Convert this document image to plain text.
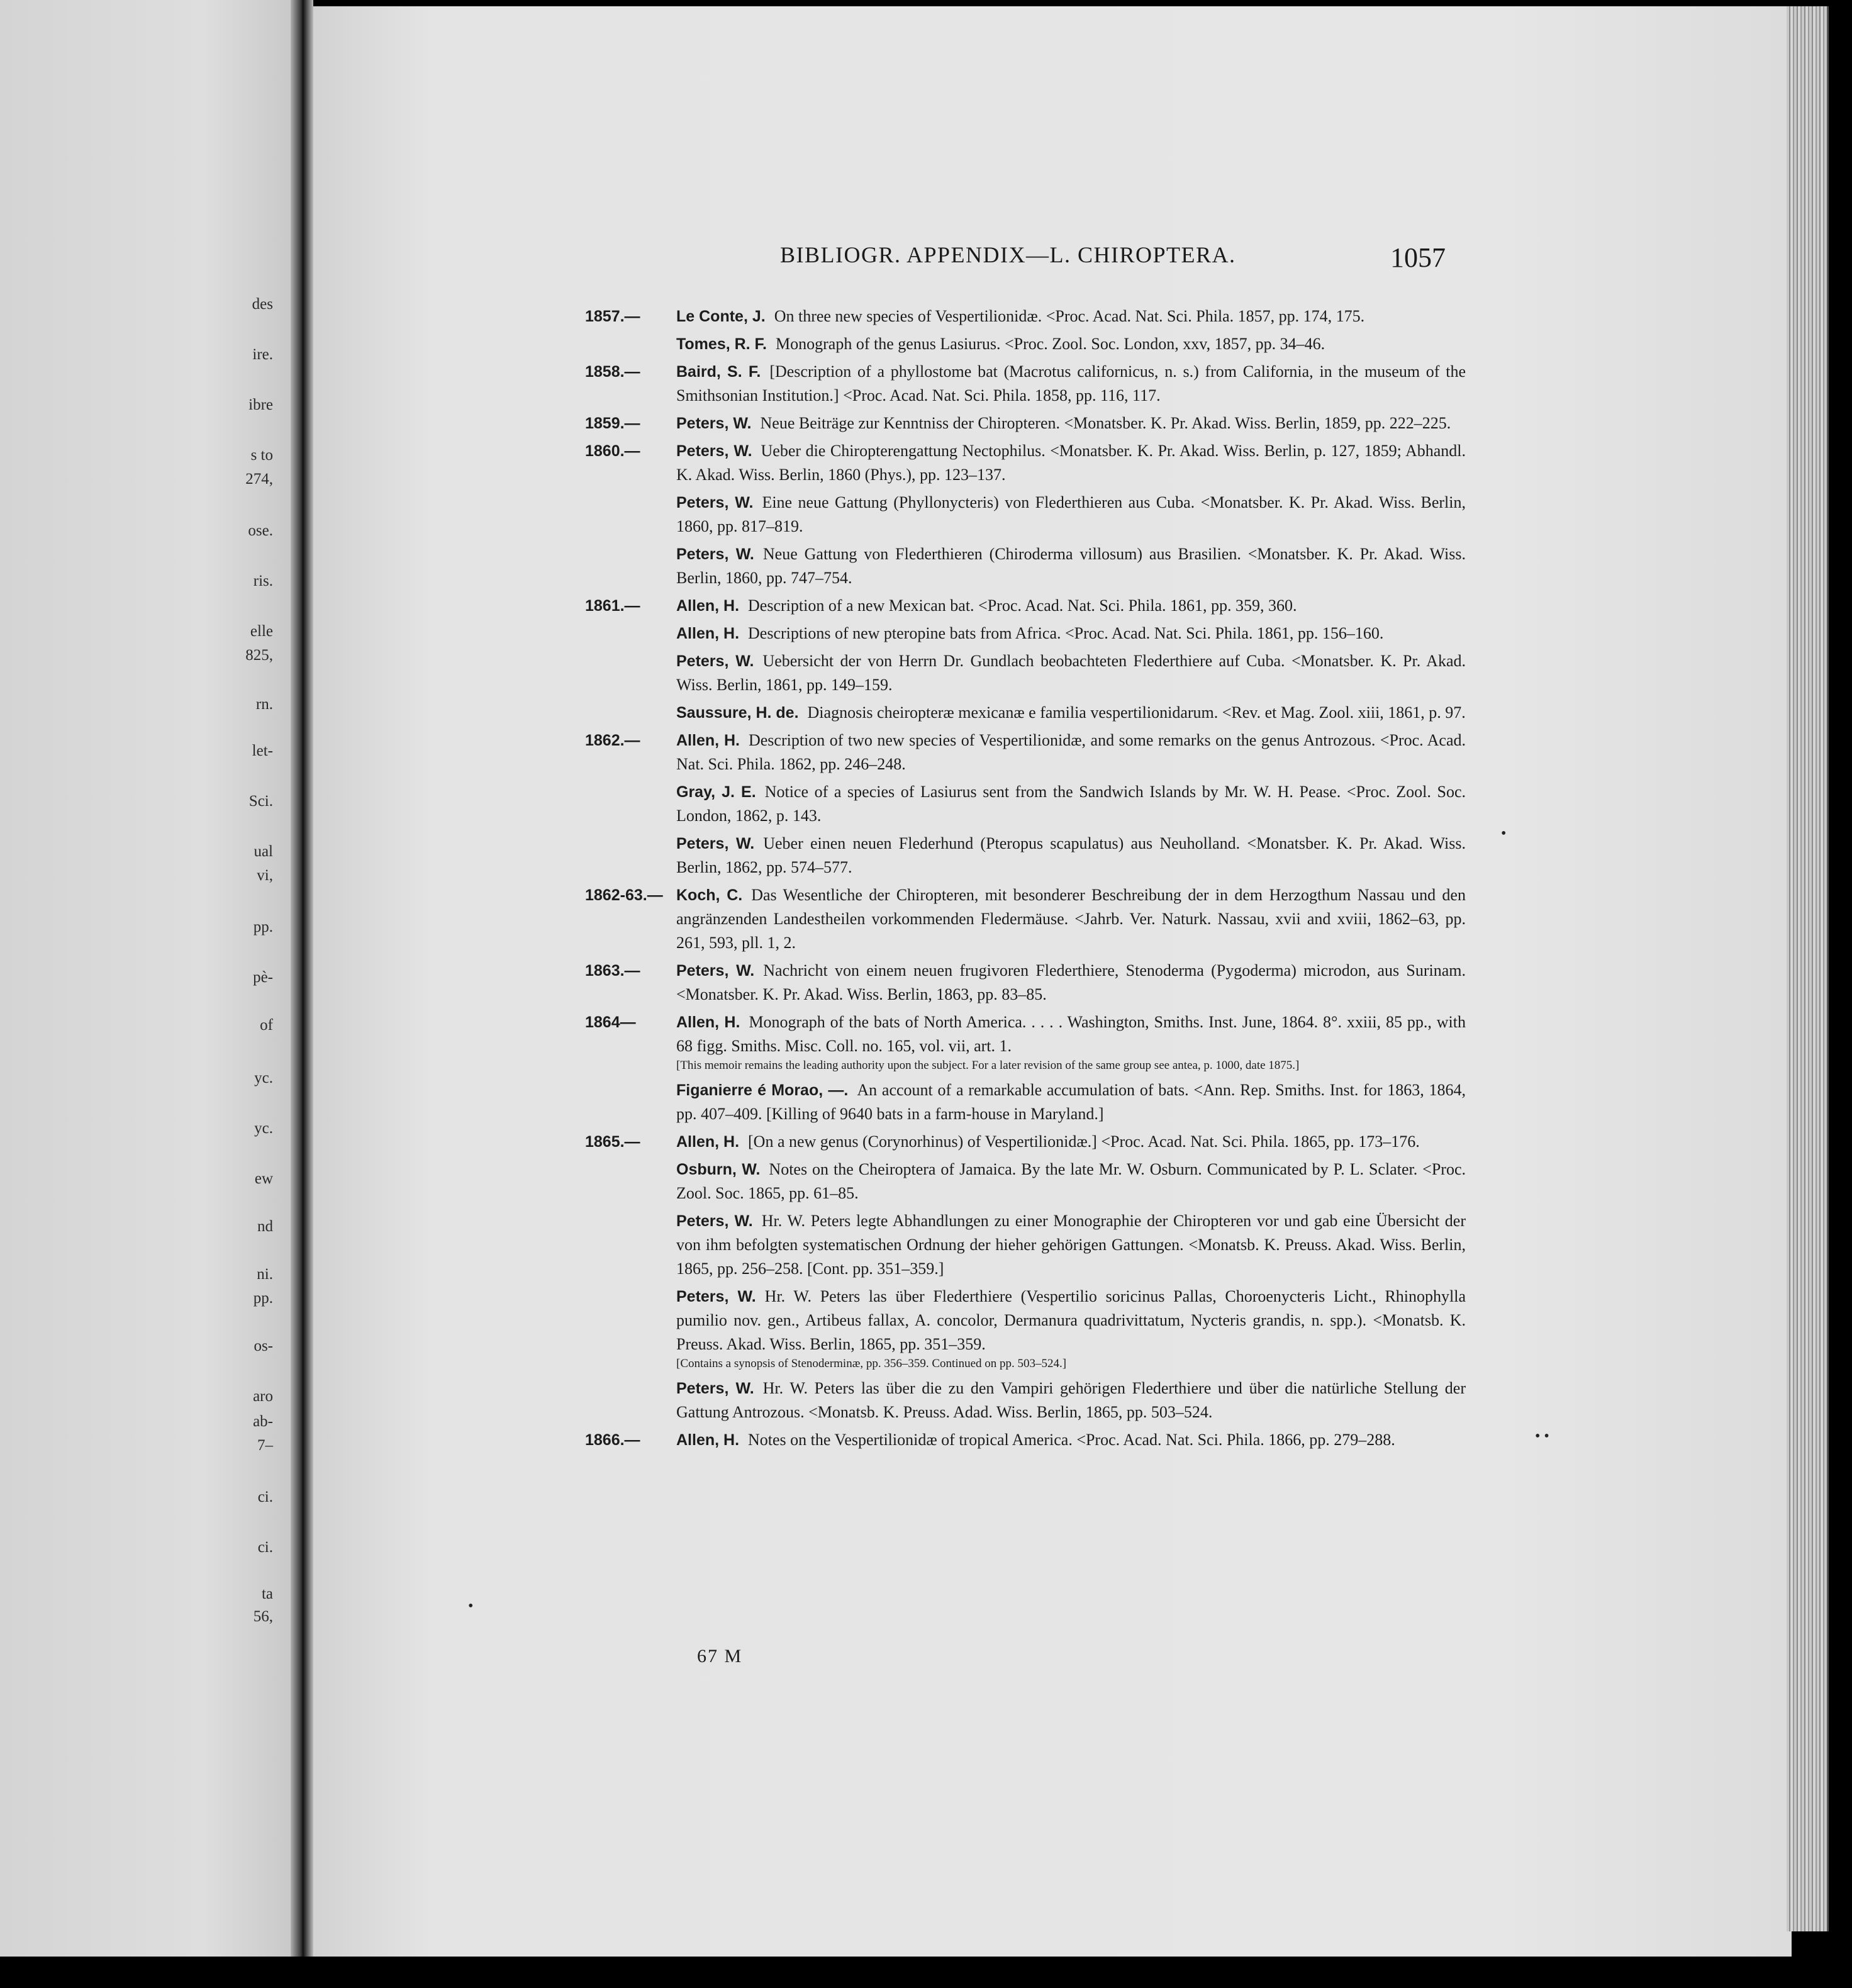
des
ire.
ibre
s to
274,
ose.
ris.
elle
825,
rn.
let-
Sci.
ual
vi,
pp.
pè-
of
yc.
yc.
ew
nd
ni.
pp.
os-
aro
ab-
7–
ci.
ci.
ta
56,
BIBLIOGR. APPENDIX—L. CHIROPTERA.	1057
1857.— Le Conte, J. On three new species of Vespertilionidæ. <Proc. Acad. Nat. Sci. Phila. 1857, pp. 174, 175.
Tomes, R. F. Monograph of the genus Lasiurus. <Proc. Zool. Soc. London, xxv, 1857, pp. 34–46.
1858.— Baird, S. F. [Description of a phyllostome bat (Macrotus californicus, n. s.) from California, in the museum of the Smithsonian Institution.] <Proc. Acad. Nat. Sci. Phila. 1858, pp. 116, 117.
1859.— Peters, W. Neue Beiträge zur Kenntniss der Chiropteren. <Monatsber. K. Pr. Akad. Wiss. Berlin, 1859, pp. 222–225.
1860.— Peters, W. Ueber die Chiropterengattung Nectophilus. <Monatsber. K. Pr. Akad. Wiss. Berlin, p. 127, 1859; Abhandl. K. Akad. Wiss. Berlin, 1860 (Phys.), pp. 123–137.
Peters, W. Eine neue Gattung (Phyllonycteris) von Flederthieren aus Cuba. <Monatsber. K. Pr. Akad. Wiss. Berlin, 1860, pp. 817–819.
Peters, W. Neue Gattung von Flederthieren (Chiroderma villosum) aus Brasilien. <Monatsber. K. Pr. Akad. Wiss. Berlin, 1860, pp. 747–754.
1861.— Allen, H. Description of a new Mexican bat. <Proc. Acad. Nat. Sci. Phila. 1861, pp. 359, 360.
Allen, H. Descriptions of new pteropine bats from Africa. <Proc. Acad. Nat. Sci. Phila. 1861, pp. 156–160.
Peters, W. Uebersicht der von Herrn Dr. Gundlach beobachteten Flederthiere auf Cuba. <Monatsber. K. Pr. Akad. Wiss. Berlin, 1861, pp. 149–159.
Saussure, H. de. Diagnosis cheiropteræ mexicanæ e familia vespertilionidarum. <Rev. et Mag. Zool. xiii, 1861, p. 97.
1862.— Allen, H. Description of two new species of Vespertilionidæ, and some remarks on the genus Antrozous. <Proc. Acad. Nat. Sci. Phila. 1862, pp. 246–248.
Gray, J. E. Notice of a species of Lasiurus sent from the Sandwich Islands by Mr. W. H. Pease. <Proc. Zool. Soc. London, 1862, p. 143.
Peters, W. Ueber einen neuen Flederhund (Pteropus scapulatus) aus Neuholland. <Monatsber. K. Pr. Akad. Wiss. Berlin, 1862, pp. 574–577.
1862-63.— Koch, C. Das Wesentliche der Chiropteren, mit besonderer Beschreibung der in dem Herzogthum Nassau und den angränzenden Landestheilen vorkommenden Fledermäuse. <Jahrb. Ver. Naturk. Nassau, xvii and xviii, 1862–63, pp. 261, 593, pll. 1, 2.
1863.— Peters, W. Nachricht von einem neuen frugivoren Flederthiere, Stenoderma (Pygoderma) microdon, aus Surinam. <Monatsber. K. Pr. Akad. Wiss. Berlin, 1863, pp. 83–85.
1864—	Allen, H. Monograph of the bats of North America. . . . . Washington, Smiths. Inst. June, 1864. 8°. xxiii, 85 pp., with 68 figg. Smiths. Misc. Coll. no. 165, vol. vii, art. 1.
[This memoir remains the leading authority upon the subject. For a later revision of the same group see antea, p. 1000, date 1875.]
Figanierre é Morao, —. An account of a remarkable accumulation of bats. <Ann. Rep. Smiths. Inst. for 1863, 1864, pp. 407–409. [Killing of 9640 bats in a farm-house in Maryland.]
1865.— Allen, H. [On a new genus (Corynorhinus) of Vespertilionidæ.] <Proc. Acad. Nat. Sci. Phila. 1865, pp. 173–176.
Osburn, W. Notes on the Cheiroptera of Jamaica. By the late Mr. W. Osburn. Communicated by P. L. Sclater. <Proc. Zool. Soc. 1865, pp. 61–85.
Peters, W. Hr. W. Peters legte Abhandlungen zu einer Monographie der Chiropteren vor und gab eine Übersicht der von ihm befolgten systematischen Ordnung der hieher gehörigen Gattungen. <Monatsb. K. Preuss. Akad. Wiss. Berlin, 1865, pp. 256–258. [Cont. pp. 351–359.]
Peters, W. Hr. W. Peters las über Flederthiere (Vespertilio soricinus Pallas, Choroenycteris Licht., Rhinophylla pumilio nov. gen., Artibeus fallax, A. concolor, Dermanura quadrivittatum, Nycteris grandis, n. spp.). <Monatsb. K. Preuss. Akad. Wiss. Berlin, 1865, pp. 351–359.
[Contains a synopsis of Stenoderminæ, pp. 356–359. Continued on pp. 503–524.]
Peters, W. Hr. W. Peters las über die zu den Vampiri gehörigen Flederthiere und über die natürliche Stellung der Gattung Antrozous. <Monatsb. K. Preuss. Adad. Wiss. Berlin, 1865, pp. 503–524.
1866.— Allen, H. Notes on the Vespertilionidæ of tropical America. <Proc. Acad. Nat. Sci. Phila. 1866, pp. 279–288.
67 M
•
• •
•
